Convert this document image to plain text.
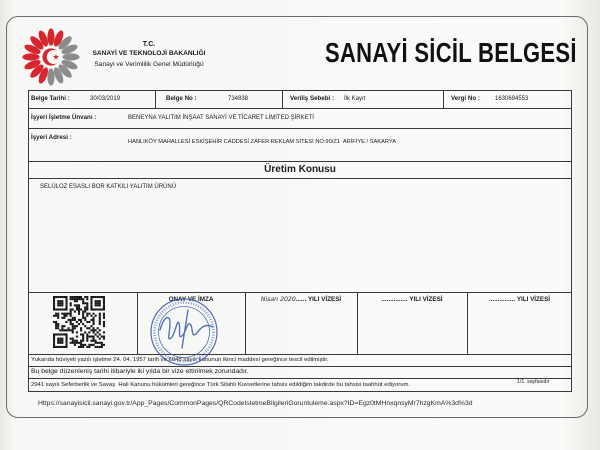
T.C.
SANAYİ VE TEKNOLOJİ BAKANLIĞI
Sanayi ve Verimlilik Genel Müdürlüğü	SANAYİ SİCİL BELGESİ
Belge Tarihi :	30/03/2019	Belge No :	734838	Veriliş Sebebi : İlk Kayıt	Vergi No :	1630694553
İşyeri İşletme Ünvanı :	BENEYNA YALITIM İNŞAAT SANAYİ VE TİCARET LİMİTED ŞİRKETİ
İşyeri Adresi :
HANLIKÖY MAHALLESİ ESKİŞEHİR CADDESİ ZAFER REKLAM SİTESİ NO:90/Z1  ARİFİYE / SAKARYA
Üretim Konusu
SELÜLOZ ESASLI BOR KATKILI YALITIM ÜRÜNÜ
ONAY VE İMZA	Nisan 2020...... YILI VİZESİ	............... YILI VİZESİ	............... YILI VİZESİ
Yukarıda hüviyeti yazılı işletme 24. 04. 1957 tarih ve 6948 sayılı kanunun ikinci maddesi gereğince tescil edilmiştir.
Bu belge düzenleniş tarihi itibariyle iki yılda bir vize ettirilmek zorundadır.
2941 sayılı Seferberlik ve Savaş  Hali Kanunu hükümleri gereğince Türk Silahlı Kuvvetlerine tahsis edildiğim takdirde bu tahsisi taahhüt ediyorum.	1/1. sayfasıdır
Https://sanayisicil.sanayi.gov.tr/App_Pages/CommonPages/QRCodeIsletmeBilgileriGoruntuleme.aspx?ID=Egz0tMHnxqnsyMr7hzgKmA%3d%3d
